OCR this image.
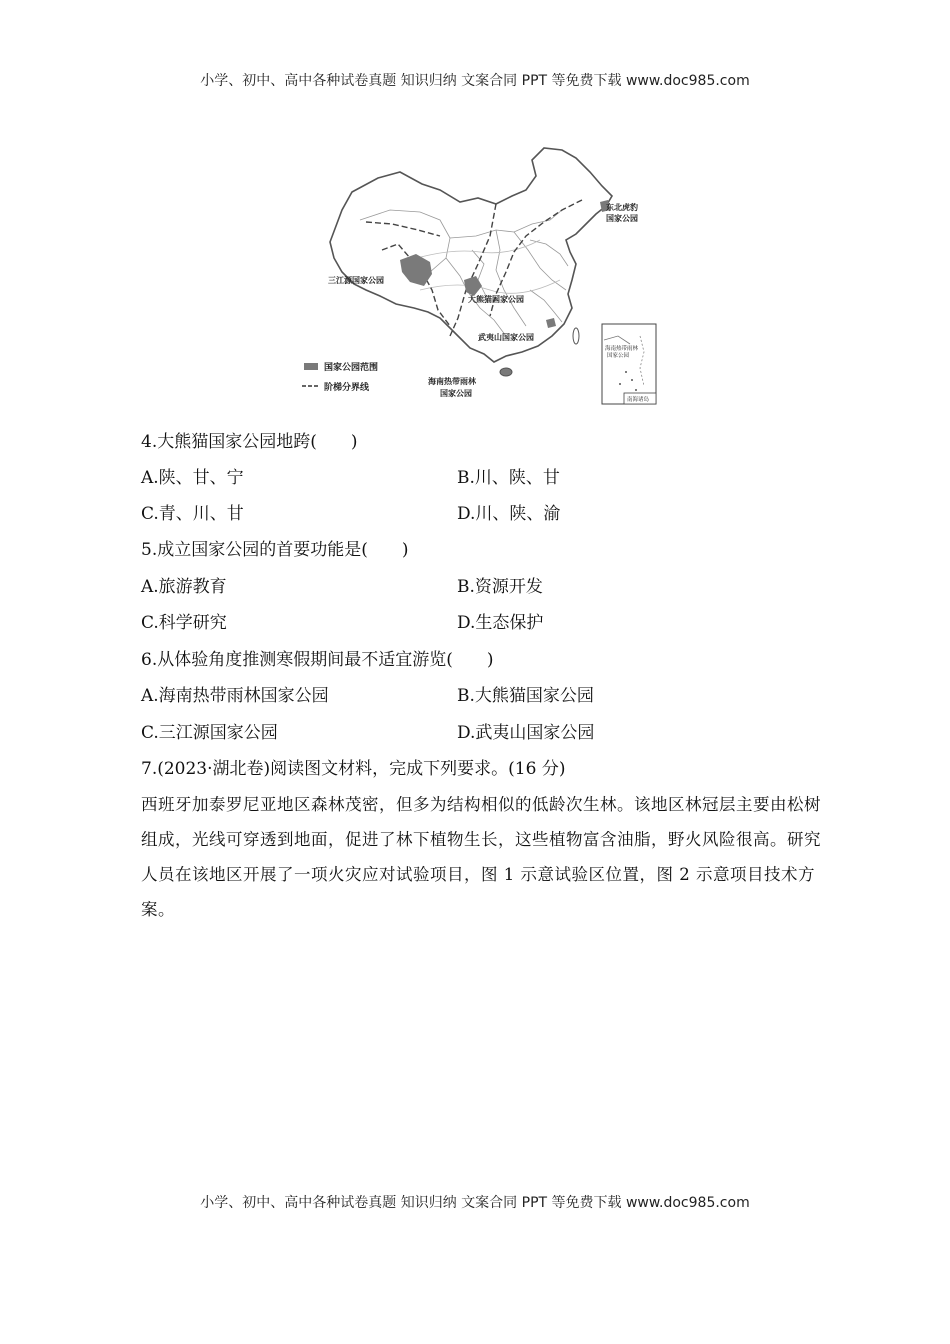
小学、初中、高中各种试卷真题 知识归纳 文案合同 PPT 等免费下载 www.doc985.com
东北虎豹
国家公园
三江源国家公园
大熊猫国家公园
武夷山国家公园
海南热带雨林
国家公园
国家公园范围
阶梯分界线
海南热带雨林
国家公园
南海诸岛
4.大熊猫国家公园地跨(　　)
A.陕、甘、宁	B.川、陕、甘
C.青、川、甘	D.川、陕、渝
5.成立国家公园的首要功能是(　　)
A.旅游教育	B.资源开发
C.科学研究	D.生态保护
6.从体验角度推测寒假期间最不适宜游览(　　)
A.海南热带雨林国家公园	B.大熊猫国家公园
C.三江源国家公园	D.武夷山国家公园
7.(2023·湖北卷)阅读图文材料，完成下列要求。(16 分)
西班牙加泰罗尼亚地区森林茂密，但多为结构相似的低龄次生林。该地区林冠层主要由松树组成，光线可穿透到地面，促进了林下植物生长，这些植物富含油脂，野火风险很高。研究人员在该地区开展了一项火灾应对试验项目，图 1 示意试验区位置，图 2 示意项目技术方案。
小学、初中、高中各种试卷真题 知识归纳 文案合同 PPT 等免费下载 www.doc985.com
